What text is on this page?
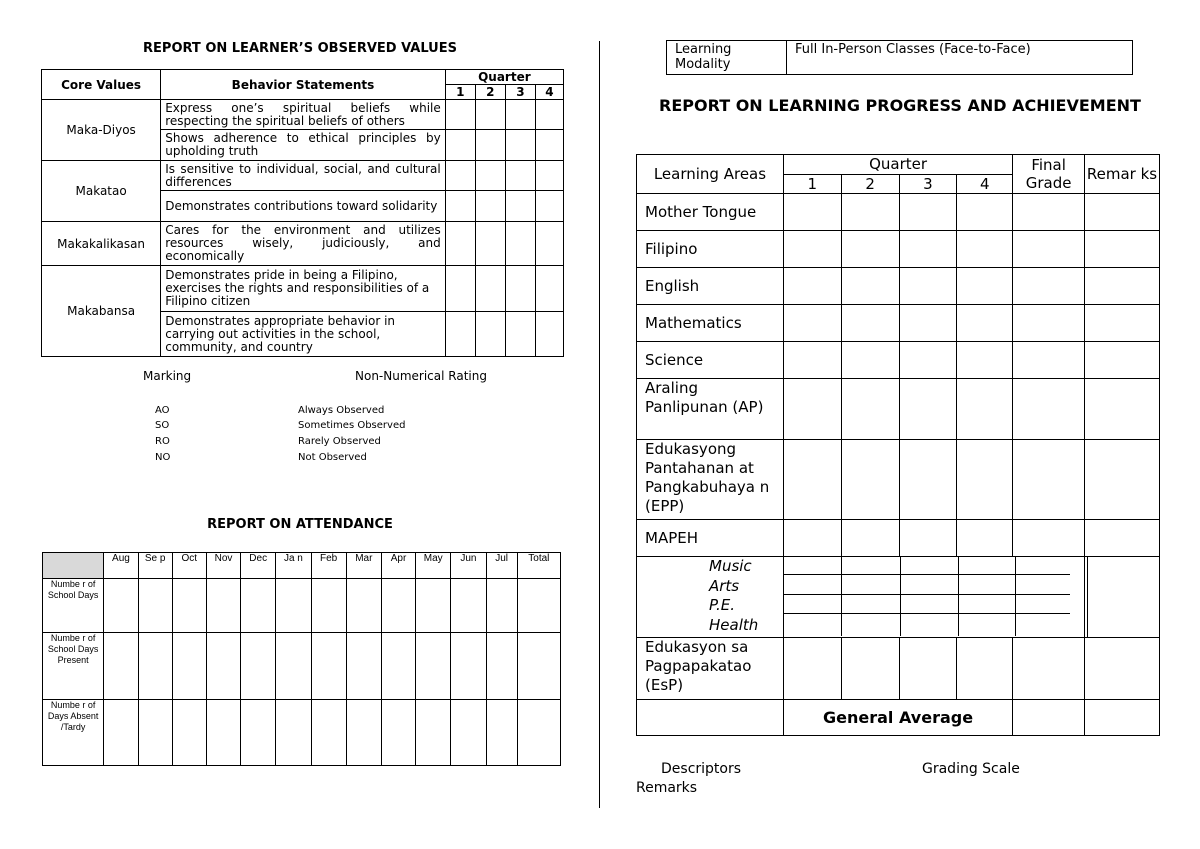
REPORT ON LEARNER’S OBSERVED VALUES
Core Values	Behavior Statements	Quarter			
		1	2	3	4
Maka-Diyos	Express one’s spiritual beliefs while respecting the spiritual beliefs of others				
	Shows adherence to ethical principles by upholding truth				
Makatao	Is sensitive to individual, social, and cultural differences				
	Demonstrates contributions toward solidarity				
Makakalikasan	Cares for the environment and utilizes resources wisely, judiciously, and economically				
Makabansa	Demonstrates pride in being a Filipino, exercises the rights and responsibilities of a Filipino citizen				
	Demonstrates appropriate behavior in carrying out activities in the school, community, and country				
Marking	Non-Numerical Rating
AO	Always Observed
SO	Sometimes Observed
RO	Rarely Observed
NO	Not Observed
REPORT ON ATTENDANCE
	Aug	Se p	Oct	Nov	Dec	Ja n	Feb	Mar	Apr	May	Jun	Jul	Total
Numbe r of School Days													
Numbe r of School Days Present													
Numbe r of Days Absent /Tardy													
Learning Modality	Full In-Person Classes (Face-to-Face)
REPORT ON LEARNING PROGRESS AND ACHIEVEMENT
Learning Areas	Quarter				Final Grade	Remar ks
	1	2	3	4		
Mother Tongue						
Filipino						
English						
Mathematics						
Science						
Araling Panlipunan (AP)						
Edukasyong Pantahanan at Pangkabuhaya n (EPP)						
MAPEH						

Music
Arts
P.E.
Health						

Edukasyon sa Pagpapakatao (EsP)						
	General Average					
Descriptors
Remarks
Grading Scale
